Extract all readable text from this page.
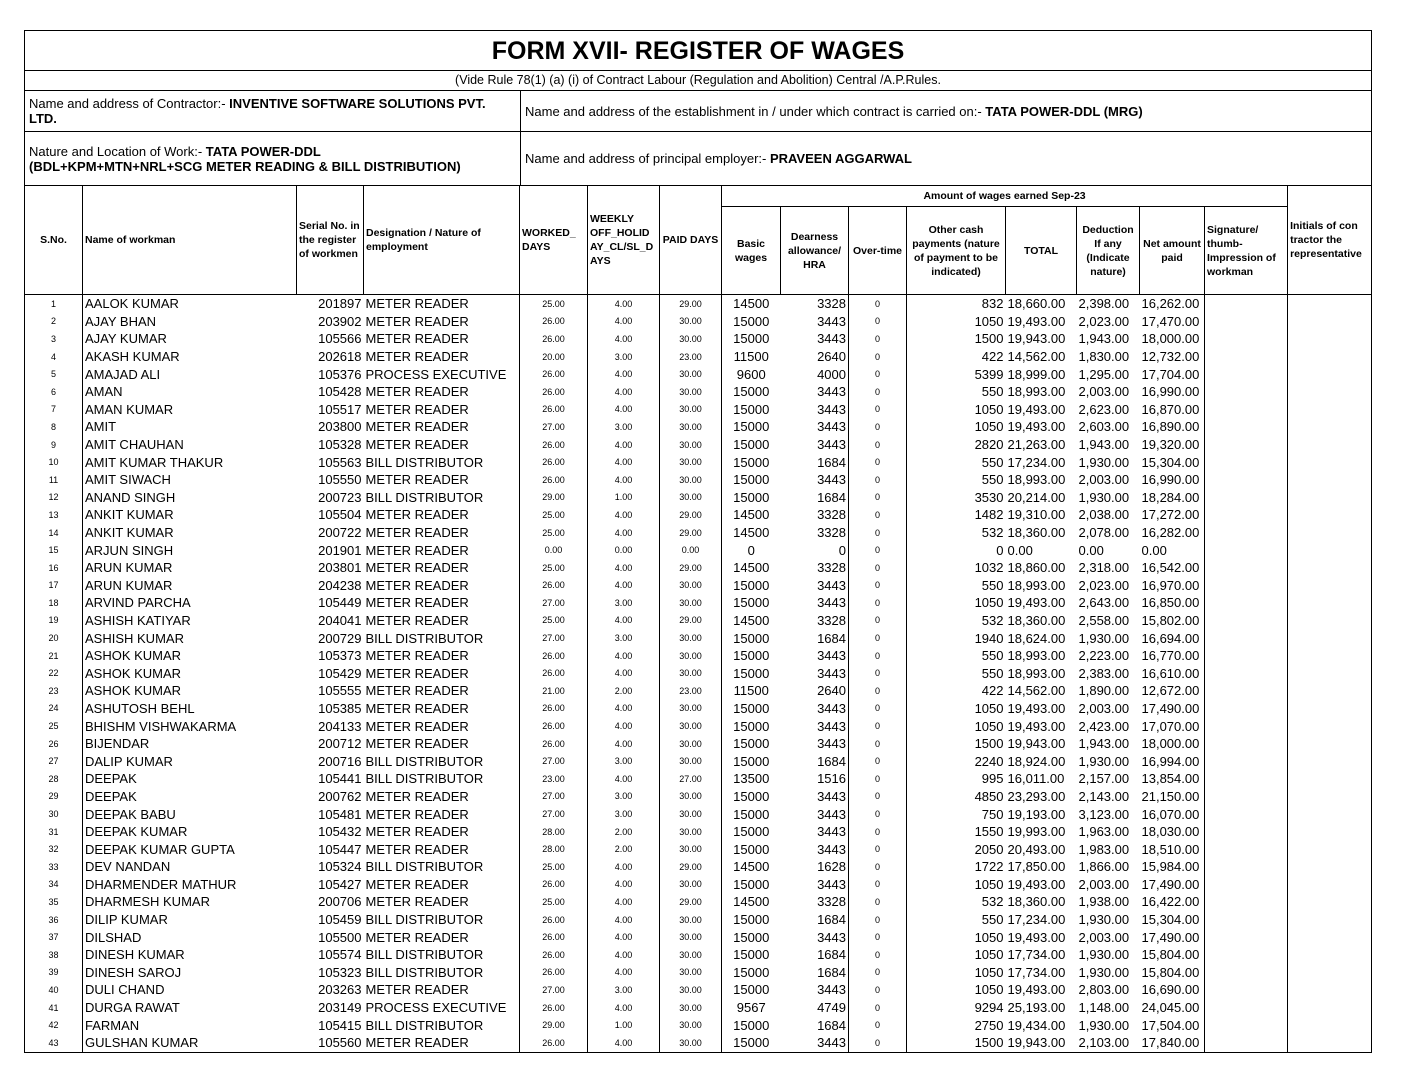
FORM XVII- REGISTER OF WAGES
(Vide Rule 78(1) (a) (i) of Contract Labour (Regulation and Abolition) Central /A.P.Rules.
Name and address of Contractor:- INVENTIVE SOFTWARE SOLUTIONS PVT. LTD.	Name and address of the establishment in / under which contract is carried on:- TATA POWER-DDL (MRG)
Nature and Location of Work:- TATA POWER-DDL
(BDL+KPM+MTN+NRL+SCG METER READING & BILL DISTRIBUTION)	Name and address of principal employer:- PRAVEEN AGGARWAL
S.No.	Name of workman	Serial No. in the register of workmen	Designation / Nature of employment	WORKED_ DAYS	WEEKLY OFF_HOLID AY_CL/SL_D AYS	PAID DAYS	Amount of wages earned Sep-23								Initials of con tractor the representative
							Basic wages	Dearness allowance/ HRA	Over-time	Other cash payments (nature of payment to be indicated)	TOTAL	Deduction If any (Indicate nature)	Net amount paid	Signature/ thumb- Impression of workman	
1	AALOK KUMAR	201897	METER READER	25.00	4.00	29.00	14500	3328	0	832	18,660.00	2,398.00	16,262.00		
2	AJAY BHAN	203902	METER READER	26.00	4.00	30.00	15000	3443	0	1050	19,493.00	2,023.00	17,470.00		
3	AJAY KUMAR	105566	METER READER	26.00	4.00	30.00	15000	3443	0	1500	19,943.00	1,943.00	18,000.00		
4	AKASH KUMAR	202618	METER READER	20.00	3.00	23.00	11500	2640	0	422	14,562.00	1,830.00	12,732.00		
5	AMAJAD ALI	105376	PROCESS EXECUTIVE	26.00	4.00	30.00	9600	4000	0	5399	18,999.00	1,295.00	17,704.00		
6	AMAN	105428	METER READER	26.00	4.00	30.00	15000	3443	0	550	18,993.00	2,003.00	16,990.00		
7	AMAN KUMAR	105517	METER READER	26.00	4.00	30.00	15000	3443	0	1050	19,493.00	2,623.00	16,870.00		
8	AMIT	203800	METER READER	27.00	3.00	30.00	15000	3443	0	1050	19,493.00	2,603.00	16,890.00		
9	AMIT CHAUHAN	105328	METER READER	26.00	4.00	30.00	15000	3443	0	2820	21,263.00	1,943.00	19,320.00		
10	AMIT KUMAR THAKUR	105563	BILL DISTRIBUTOR	26.00	4.00	30.00	15000	1684	0	550	17,234.00	1,930.00	15,304.00		
11	AMIT SIWACH	105550	METER READER	26.00	4.00	30.00	15000	3443	0	550	18,993.00	2,003.00	16,990.00		
12	ANAND SINGH	200723	BILL DISTRIBUTOR	29.00	1.00	30.00	15000	1684	0	3530	20,214.00	1,930.00	18,284.00		
13	ANKIT KUMAR	105504	METER READER	25.00	4.00	29.00	14500	3328	0	1482	19,310.00	2,038.00	17,272.00		
14	ANKIT KUMAR	200722	METER READER	25.00	4.00	29.00	14500	3328	0	532	18,360.00	2,078.00	16,282.00		
15	ARJUN SINGH	201901	METER READER	0.00	0.00	0.00	0	0	0	0	0.00	0.00	0.00		
16	ARUN KUMAR	203801	METER READER	25.00	4.00	29.00	14500	3328	0	1032	18,860.00	2,318.00	16,542.00		
17	ARUN KUMAR	204238	METER READER	26.00	4.00	30.00	15000	3443	0	550	18,993.00	2,023.00	16,970.00		
18	ARVIND PARCHA	105449	METER READER	27.00	3.00	30.00	15000	3443	0	1050	19,493.00	2,643.00	16,850.00		
19	ASHISH KATIYAR	204041	METER READER	25.00	4.00	29.00	14500	3328	0	532	18,360.00	2,558.00	15,802.00		
20	ASHISH KUMAR	200729	BILL DISTRIBUTOR	27.00	3.00	30.00	15000	1684	0	1940	18,624.00	1,930.00	16,694.00		
21	ASHOK KUMAR	105373	METER READER	26.00	4.00	30.00	15000	3443	0	550	18,993.00	2,223.00	16,770.00		
22	ASHOK KUMAR	105429	METER READER	26.00	4.00	30.00	15000	3443	0	550	18,993.00	2,383.00	16,610.00		
23	ASHOK KUMAR	105555	METER READER	21.00	2.00	23.00	11500	2640	0	422	14,562.00	1,890.00	12,672.00		
24	ASHUTOSH BEHL	105385	METER READER	26.00	4.00	30.00	15000	3443	0	1050	19,493.00	2,003.00	17,490.00		
25	BHISHM VISHWAKARMA	204133	METER READER	26.00	4.00	30.00	15000	3443	0	1050	19,493.00	2,423.00	17,070.00		
26	BIJENDAR	200712	METER READER	26.00	4.00	30.00	15000	3443	0	1500	19,943.00	1,943.00	18,000.00		
27	DALIP KUMAR	200716	BILL DISTRIBUTOR	27.00	3.00	30.00	15000	1684	0	2240	18,924.00	1,930.00	16,994.00		
28	DEEPAK	105441	BILL DISTRIBUTOR	23.00	4.00	27.00	13500	1516	0	995	16,011.00	2,157.00	13,854.00		
29	DEEPAK	200762	METER READER	27.00	3.00	30.00	15000	3443	0	4850	23,293.00	2,143.00	21,150.00		
30	DEEPAK BABU	105481	METER READER	27.00	3.00	30.00	15000	3443	0	750	19,193.00	3,123.00	16,070.00		
31	DEEPAK KUMAR	105432	METER READER	28.00	2.00	30.00	15000	3443	0	1550	19,993.00	1,963.00	18,030.00		
32	DEEPAK KUMAR GUPTA	105447	METER READER	28.00	2.00	30.00	15000	3443	0	2050	20,493.00	1,983.00	18,510.00		
33	DEV NANDAN	105324	BILL DISTRIBUTOR	25.00	4.00	29.00	14500	1628	0	1722	17,850.00	1,866.00	15,984.00		
34	DHARMENDER MATHUR	105427	METER READER	26.00	4.00	30.00	15000	3443	0	1050	19,493.00	2,003.00	17,490.00		
35	DHARMESH KUMAR	200706	METER READER	25.00	4.00	29.00	14500	3328	0	532	18,360.00	1,938.00	16,422.00		
36	DILIP KUMAR	105459	BILL DISTRIBUTOR	26.00	4.00	30.00	15000	1684	0	550	17,234.00	1,930.00	15,304.00		
37	DILSHAD	105500	METER READER	26.00	4.00	30.00	15000	3443	0	1050	19,493.00	2,003.00	17,490.00		
38	DINESH KUMAR	105574	BILL DISTRIBUTOR	26.00	4.00	30.00	15000	1684	0	1050	17,734.00	1,930.00	15,804.00		
39	DINESH SAROJ	105323	BILL DISTRIBUTOR	26.00	4.00	30.00	15000	1684	0	1050	17,734.00	1,930.00	15,804.00		
40	DULI CHAND	203263	METER READER	27.00	3.00	30.00	15000	3443	0	1050	19,493.00	2,803.00	16,690.00		
41	DURGA RAWAT	203149	PROCESS EXECUTIVE	26.00	4.00	30.00	9567	4749	0	9294	25,193.00	1,148.00	24,045.00		
42	FARMAN	105415	BILL DISTRIBUTOR	29.00	1.00	30.00	15000	1684	0	2750	19,434.00	1,930.00	17,504.00		
43	GULSHAN KUMAR	105560	METER READER	26.00	4.00	30.00	15000	3443	0	1500	19,943.00	2,103.00	17,840.00		
